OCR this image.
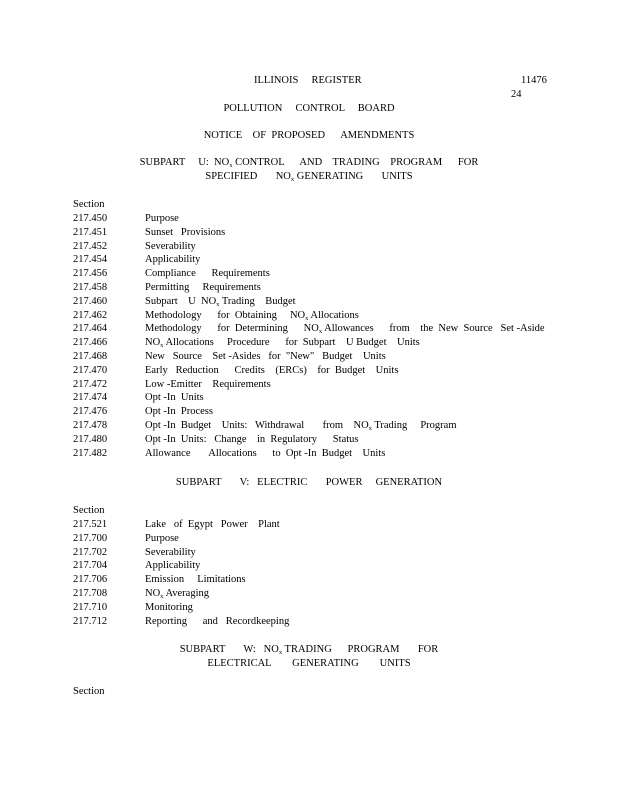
ILLINOIS     REGISTER	11476
24
POLLUTION     CONTROL     BOARD
NOTICE    OF  PROPOSED      AMENDMENTS
SUBPART     U:  $NO_x$ CONTROL      AND    TRADING    PROGRAM      FOR
SPECIFIED       $NO_x$ GENERATING       UNITS
Section
217.450	Purpose
217.451	Sunset   Provisions
217.452	Severability
217.454	Applicability
217.456	Compliance      Requirements
217.458	Permitting     Requirements
217.460	Subpart    U  $NO_x$ Trading    Budget
217.462	Methodology      for  Obtaining     $NO_x$ Allocations
217.464	Methodology      for  Determining      $NO_x$ Allowances      from    the  New  Source   Set -Aside
217.466	$NO_x$ Allocations     Procedure      for  Subpart    U Budget    Units
217.468	New   Source    Set -Asides   for  "New"   Budget    Units
217.470	Early   Reduction      Credits    (ERCs)    for  Budget    Units
217.472	Low -Emitter    Requirements
217.474	Opt -In  Units
217.476	Opt -In  Process
217.478	Opt -In  Budget    Units:   Withdrawal       from    $NO_x$ Trading     Program
217.480	Opt -In  Units:   Change    in  Regulatory      Status
217.482	Allowance       Allocations      to  Opt -In  Budget    Units
SUBPART       V:   ELECTRIC       POWER     GENERATION
Section
217.521	Lake   of  Egypt   Power    Plant
217.700	Purpose
217.702	Severability
217.704	Applicability
217.706	Emission     Limitations
217.708	$NO_x$ Averaging
217.710	Monitoring
217.712	Reporting      and   Recordkeeping
SUBPART       W:   $NO_x$ TRADING      PROGRAM       FOR
ELECTRICAL        GENERATING        UNITS
Section
